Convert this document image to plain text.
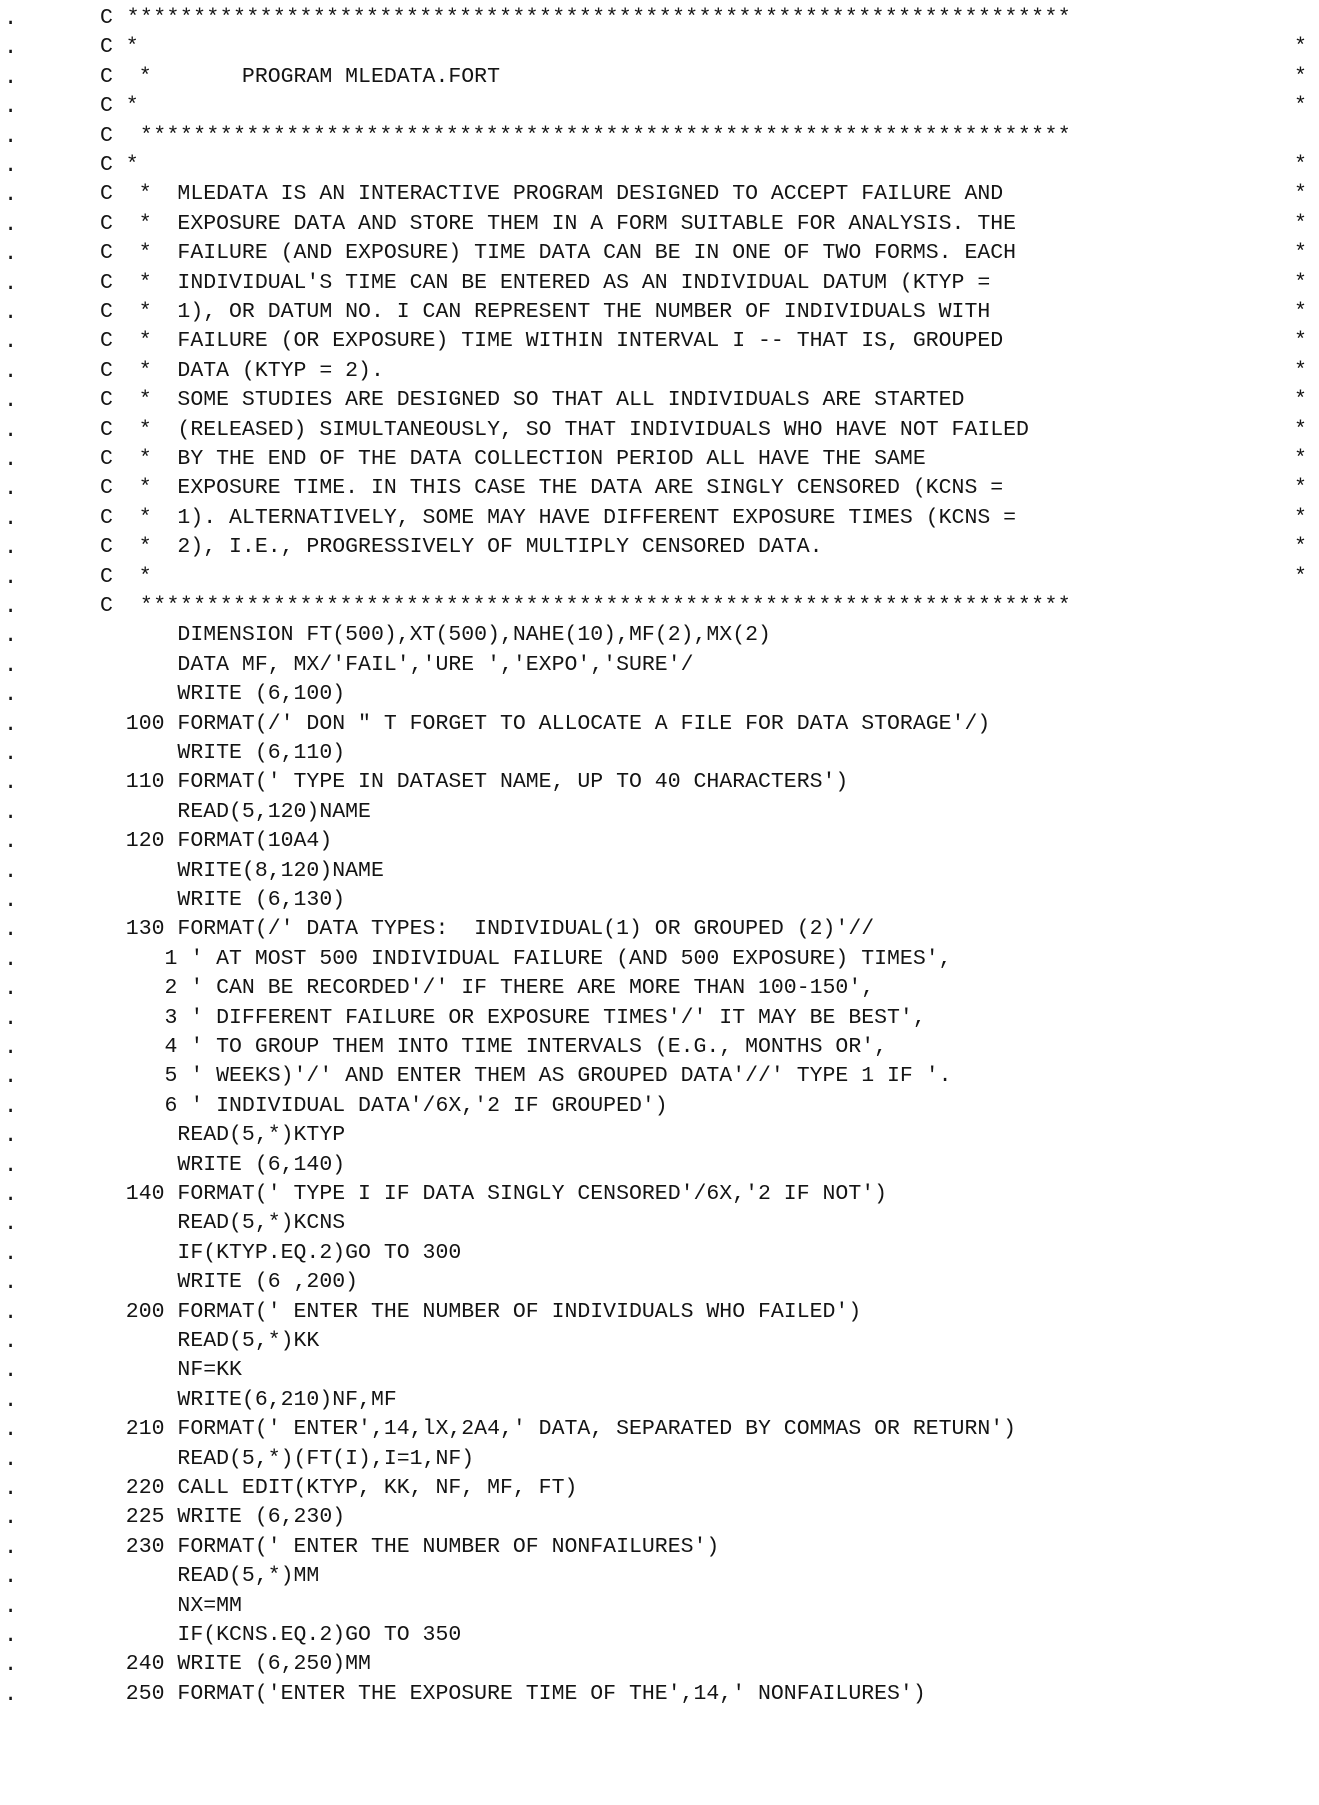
.	C ***********************************************************************
.	C *	*
.	C  *       PROGRAM MLEDATA.FORT	*
.	C *	*
.	C  **********************************************************************
.	C *	*
.	C  *  MLEDATA IS AN INTERACTIVE PROGRAM DESIGNED TO ACCEPT FAILURE AND	*
.	C  *  EXPOSURE DATA AND STORE THEM IN A FORM SUITABLE FOR ANALYSIS. THE	*
.	C  *  FAILURE (AND EXPOSURE) TIME DATA CAN BE IN ONE OF TWO FORMS. EACH	*
.	C  *  INDIVIDUAL'S TIME CAN BE ENTERED AS AN INDIVIDUAL DATUM (KTYP =	*
.	C  *  1), OR DATUM NO. I CAN REPRESENT THE NUMBER OF INDIVIDUALS WITH	*
.	C  *  FAILURE (OR EXPOSURE) TIME WITHIN INTERVAL I -- THAT IS, GROUPED	*
.	C  *  DATA (KTYP = 2).	*
.	C  *  SOME STUDIES ARE DESIGNED SO THAT ALL INDIVIDUALS ARE STARTED	*
.	C  *  (RELEASED) SIMULTANEOUSLY, SO THAT INDIVIDUALS WHO HAVE NOT FAILED	*
.	C  *  BY THE END OF THE DATA COLLECTION PERIOD ALL HAVE THE SAME	*
.	C  *  EXPOSURE TIME. IN THIS CASE THE DATA ARE SINGLY CENSORED (KCNS =	*
.	C  *  1). ALTERNATIVELY, SOME MAY HAVE DIFFERENT EXPOSURE TIMES (KCNS =	*
.	C  *  2), I.E., PROGRESSIVELY OF MULTIPLY CENSORED DATA.	*
.	C  *	*
.	C  **********************************************************************
.	DIMENSION FT(500),XT(500),NAHE(10),MF(2),MX(2)
.	DATA MF, MX/'FAIL','URE ','EXPO','SURE'/
.	WRITE (6,100)
.	100 FORMAT(/' DON " T FORGET TO ALLOCATE A FILE FOR DATA STORAGE'/)
.	WRITE (6,110)
.	110 FORMAT(' TYPE IN DATASET NAME, UP TO 40 CHARACTERS')
.	READ(5,120)NAME
.	120 FORMAT(10A4)
.	WRITE(8,120)NAME
.	WRITE (6,130)
.	130 FORMAT(/' DATA TYPES:  INDIVIDUAL(1) OR GROUPED (2)'//
.	1 ' AT MOST 500 INDIVIDUAL FAILURE (AND 500 EXPOSURE) TIMES',
.	2 ' CAN BE RECORDED'/' IF THERE ARE MORE THAN 100-150',
.	3 ' DIFFERENT FAILURE OR EXPOSURE TIMES'/' IT MAY BE BEST',
.	4 ' TO GROUP THEM INTO TIME INTERVALS (E.G., MONTHS OR',
.	5 ' WEEKS)'/' AND ENTER THEM AS GROUPED DATA'//' TYPE 1 IF '.
.	6 ' INDIVIDUAL DATA'/6X,'2 IF GROUPED')
.	READ(5,*)KTYP
.	WRITE (6,140)
.	140 FORMAT(' TYPE I IF DATA SINGLY CENSORED'/6X,'2 IF NOT')
.	READ(5,*)KCNS
.	IF(KTYP.EQ.2)GO TO 300
.	WRITE (6 ,200)
.	200 FORMAT(' ENTER THE NUMBER OF INDIVIDUALS WHO FAILED')
.	READ(5,*)KK
.	NF=KK
.	WRITE(6,210)NF,MF
.	210 FORMAT(' ENTER',14,lX,2A4,' DATA, SEPARATED BY COMMAS OR RETURN')
.	READ(5,*)(FT(I),I=1,NF)
.	220 CALL EDIT(KTYP, KK, NF, MF, FT)
.	225 WRITE (6,230)
.	230 FORMAT(' ENTER THE NUMBER OF NONFAILURES')
.	READ(5,*)MM
.	NX=MM
.	IF(KCNS.EQ.2)GO TO 350
.	240 WRITE (6,250)MM
.	250 FORMAT('ENTER THE EXPOSURE TIME OF THE',14,' NONFAILURES')
